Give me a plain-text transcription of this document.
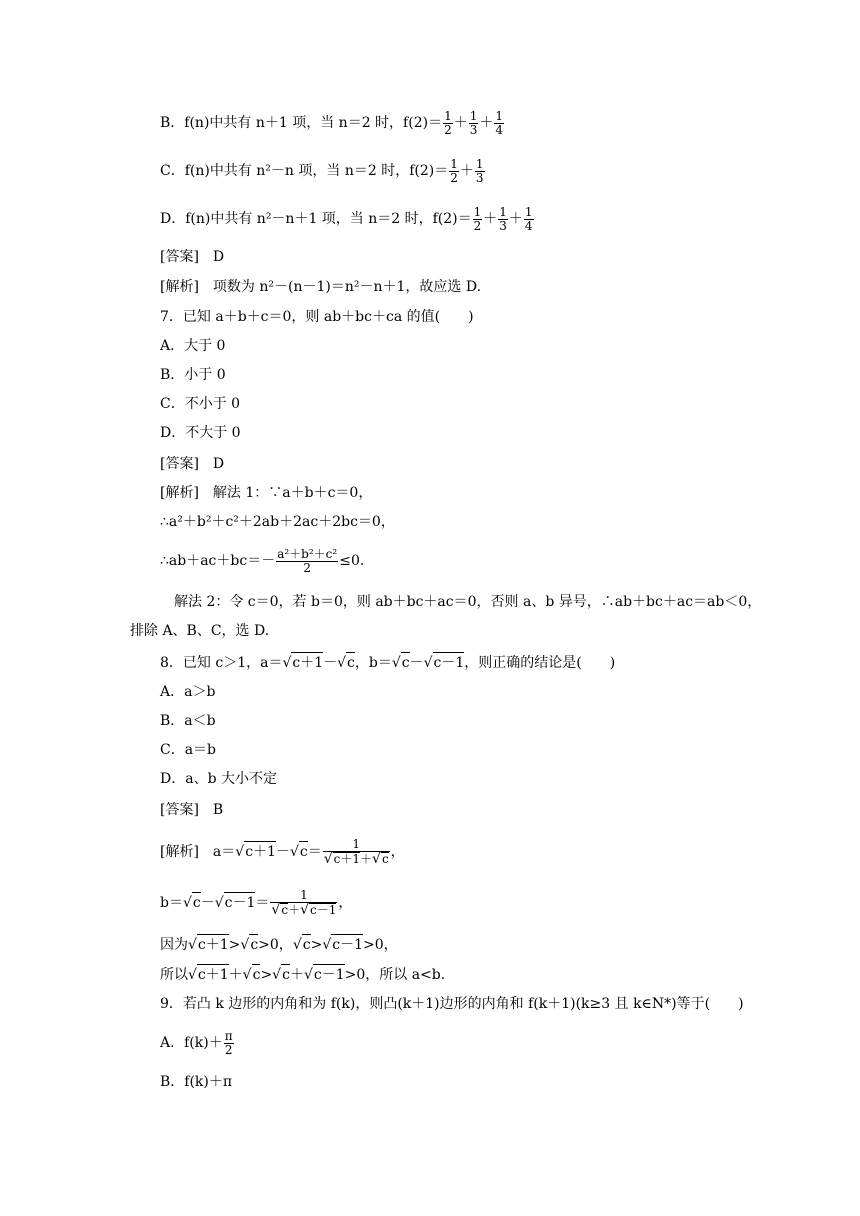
B．f(n)中共有 n＋1 项，当 n＝2 时，$f(2)= \frac{1}{2} + \frac{1}{3} + \frac{1}{4}$
C．f(n)中共有 n²－n 项，当 n＝2 时，$f(2)= \frac{1}{2} + \frac{1}{3}$
D．f(n)中共有 n²－n＋1 项，当 n＝2 时，$f(2)= \frac{1}{2} + \frac{1}{3} + \frac{1}{4}$
[答案]　D
[解析]　项数为 n²－(n－1)＝n²－n＋1，故应选 D.
7．已知 a＋b＋c＝0，则 ab＋bc＋ca 的值(　　)
A．大于 0
B．小于 0
C．不小于 0
D．不大于 0
[答案]　D
[解析]　解法 1：∵a＋b＋c＝0，
∴a²＋b²＋c²＋2ab＋2ac＋2bc＝0，
∴ab＋ac＋bc＝－ $\frac{\text{a²＋b²＋c²}}{2} \le 0$.
解法 2：令 c＝0，若 b＝0，则 ab＋bc＋ac＝0，否则 a、b 异号，∴ab＋bc＋ac＝ab＜0，
排除 A、B、C，选 D.
8．已知 c＞1，a＝√c＋1－√c，b＝√c－√c－1，则正确的结论是(　　)
A．a＞b
B．a＜b
C．a＝b
D．a、b 大小不定
[答案]　B
[解析]　$a=√c+1-√c= \frac{1}{√c+1+√c}$ ，
$b=√c-√c-1= \frac{1}{√c+√c-1}$ ，
因为√c＋1>√c>0，√c>√c－1>0，
所以√c＋1＋√c>√c＋√c－1>0，所以 a<b.
9．若凸 k 边形的内角和为 f(k)，则凸(k＋1)边形的内角和 f(k＋1)(k≥3 且 k∈N*)等于(　　)
A．$f(k)+ \frac{\pi}{2}$
B．f(k)＋π
